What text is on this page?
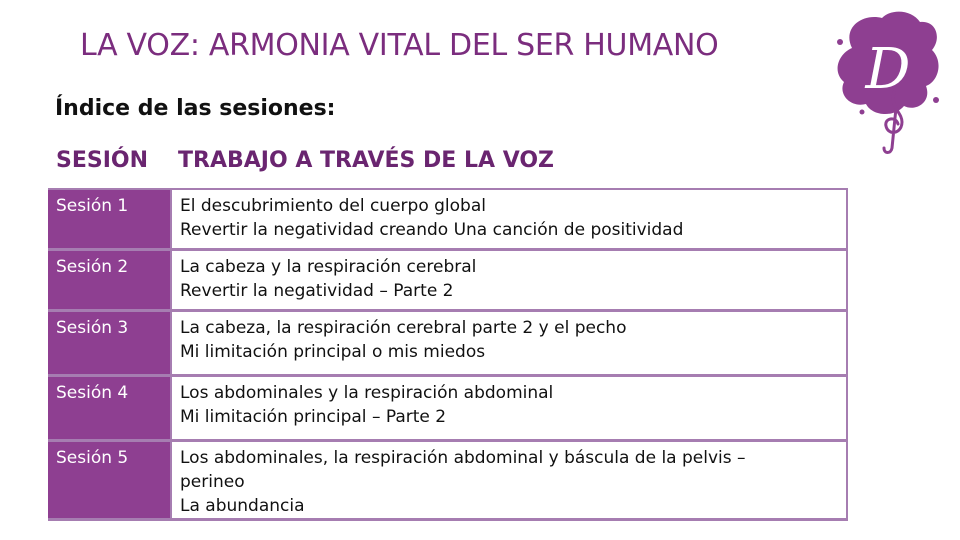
LA VOZ: ARMONIA VITAL DEL SER HUMANO
Índice de las sesiones:
D
SESIÓN TRABAJO A TRAVÉS DE LA VOZ
Sesión 1	El descubrimiento del cuerpo global
Revertir la negatividad creando Una canción de positividad
Sesión 2	La cabeza y la respiración cerebral
Revertir la negatividad – Parte 2
Sesión 3	La cabeza, la respiración cerebral parte 2 y el pecho
Mi limitación principal o mis miedos
Sesión 4	Los abdominales y la respiración abdominal
Mi limitación principal – Parte 2
Sesión 5	Los abdominales, la respiración abdominal y báscula de la pelvis –
perineo
La abundancia
